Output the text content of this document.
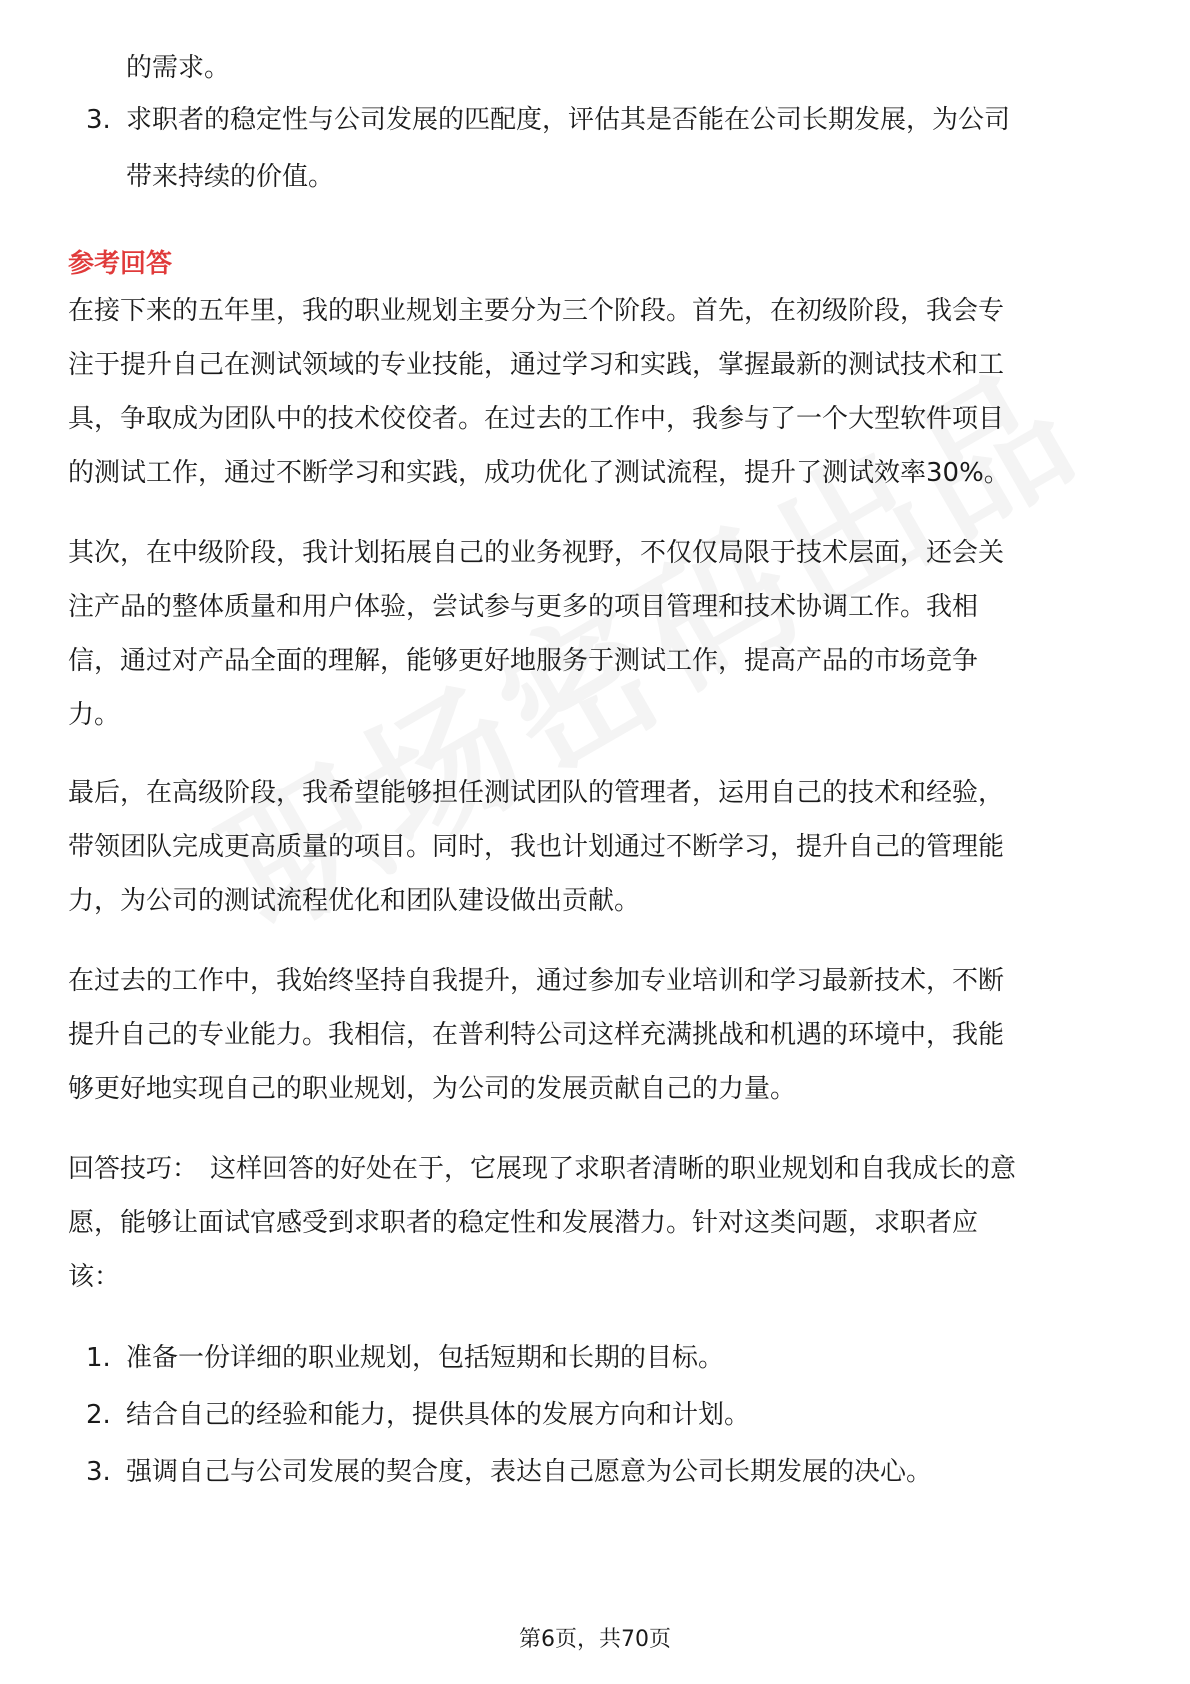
的需求。
3. 求职者的稳定性与公司发展的匹配度，评估其是否能在公司长期发展，为公司
带来持续的价值。
参考回答

在接下来的五年里，我的职业规划主要分为三个阶段。首先，在初级阶段，我会专
注于提升自己在测试领域的专业技能，通过学习和实践，掌握最新的测试技术和工
具，争取成为团队中的技术佼佼者。在过去的工作中，我参与了一个大型软件项目
的测试工作，通过不断学习和实践，成功优化了测试流程，提升了测试效率30%。

其次，在中级阶段，我计划拓展自己的业务视野，不仅仅局限于技术层面，还会关
注产品的整体质量和用户体验，尝试参与更多的项目管理和技术协调工作。我相
信，通过对产品全面的理解，能够更好地服务于测试工作，提高产品的市场竞争
力。

最后，在高级阶段，我希望能够担任测试团队的管理者，运用自己的技术和经验，
带领团队完成更高质量的项目。同时，我也计划通过不断学习，提升自己的管理能
力，为公司的测试流程优化和团队建设做出贡献。

在过去的工作中，我始终坚持自我提升，通过参加专业培训和学习最新技术，不断
提升自己的专业能力。我相信，在普利特公司这样充满挑战和机遇的环境中，我能
够更好地实现自己的职业规划，为公司的发展贡献自己的力量。

回答技巧： 这样回答的好处在于，它展现了求职者清晰的职业规划和自我成长的意
愿，能够让面试官感受到求职者的稳定性和发展潜力。针对这类问题，求职者应
该：

1. 准备一份详细的职业规划，包括短期和长期的目标。
2. 结合自己的经验和能力，提供具体的发展方向和计划。
3. 强调自己与公司发展的契合度，表达自己愿意为公司长期发展的决心。
第6页，共70页
